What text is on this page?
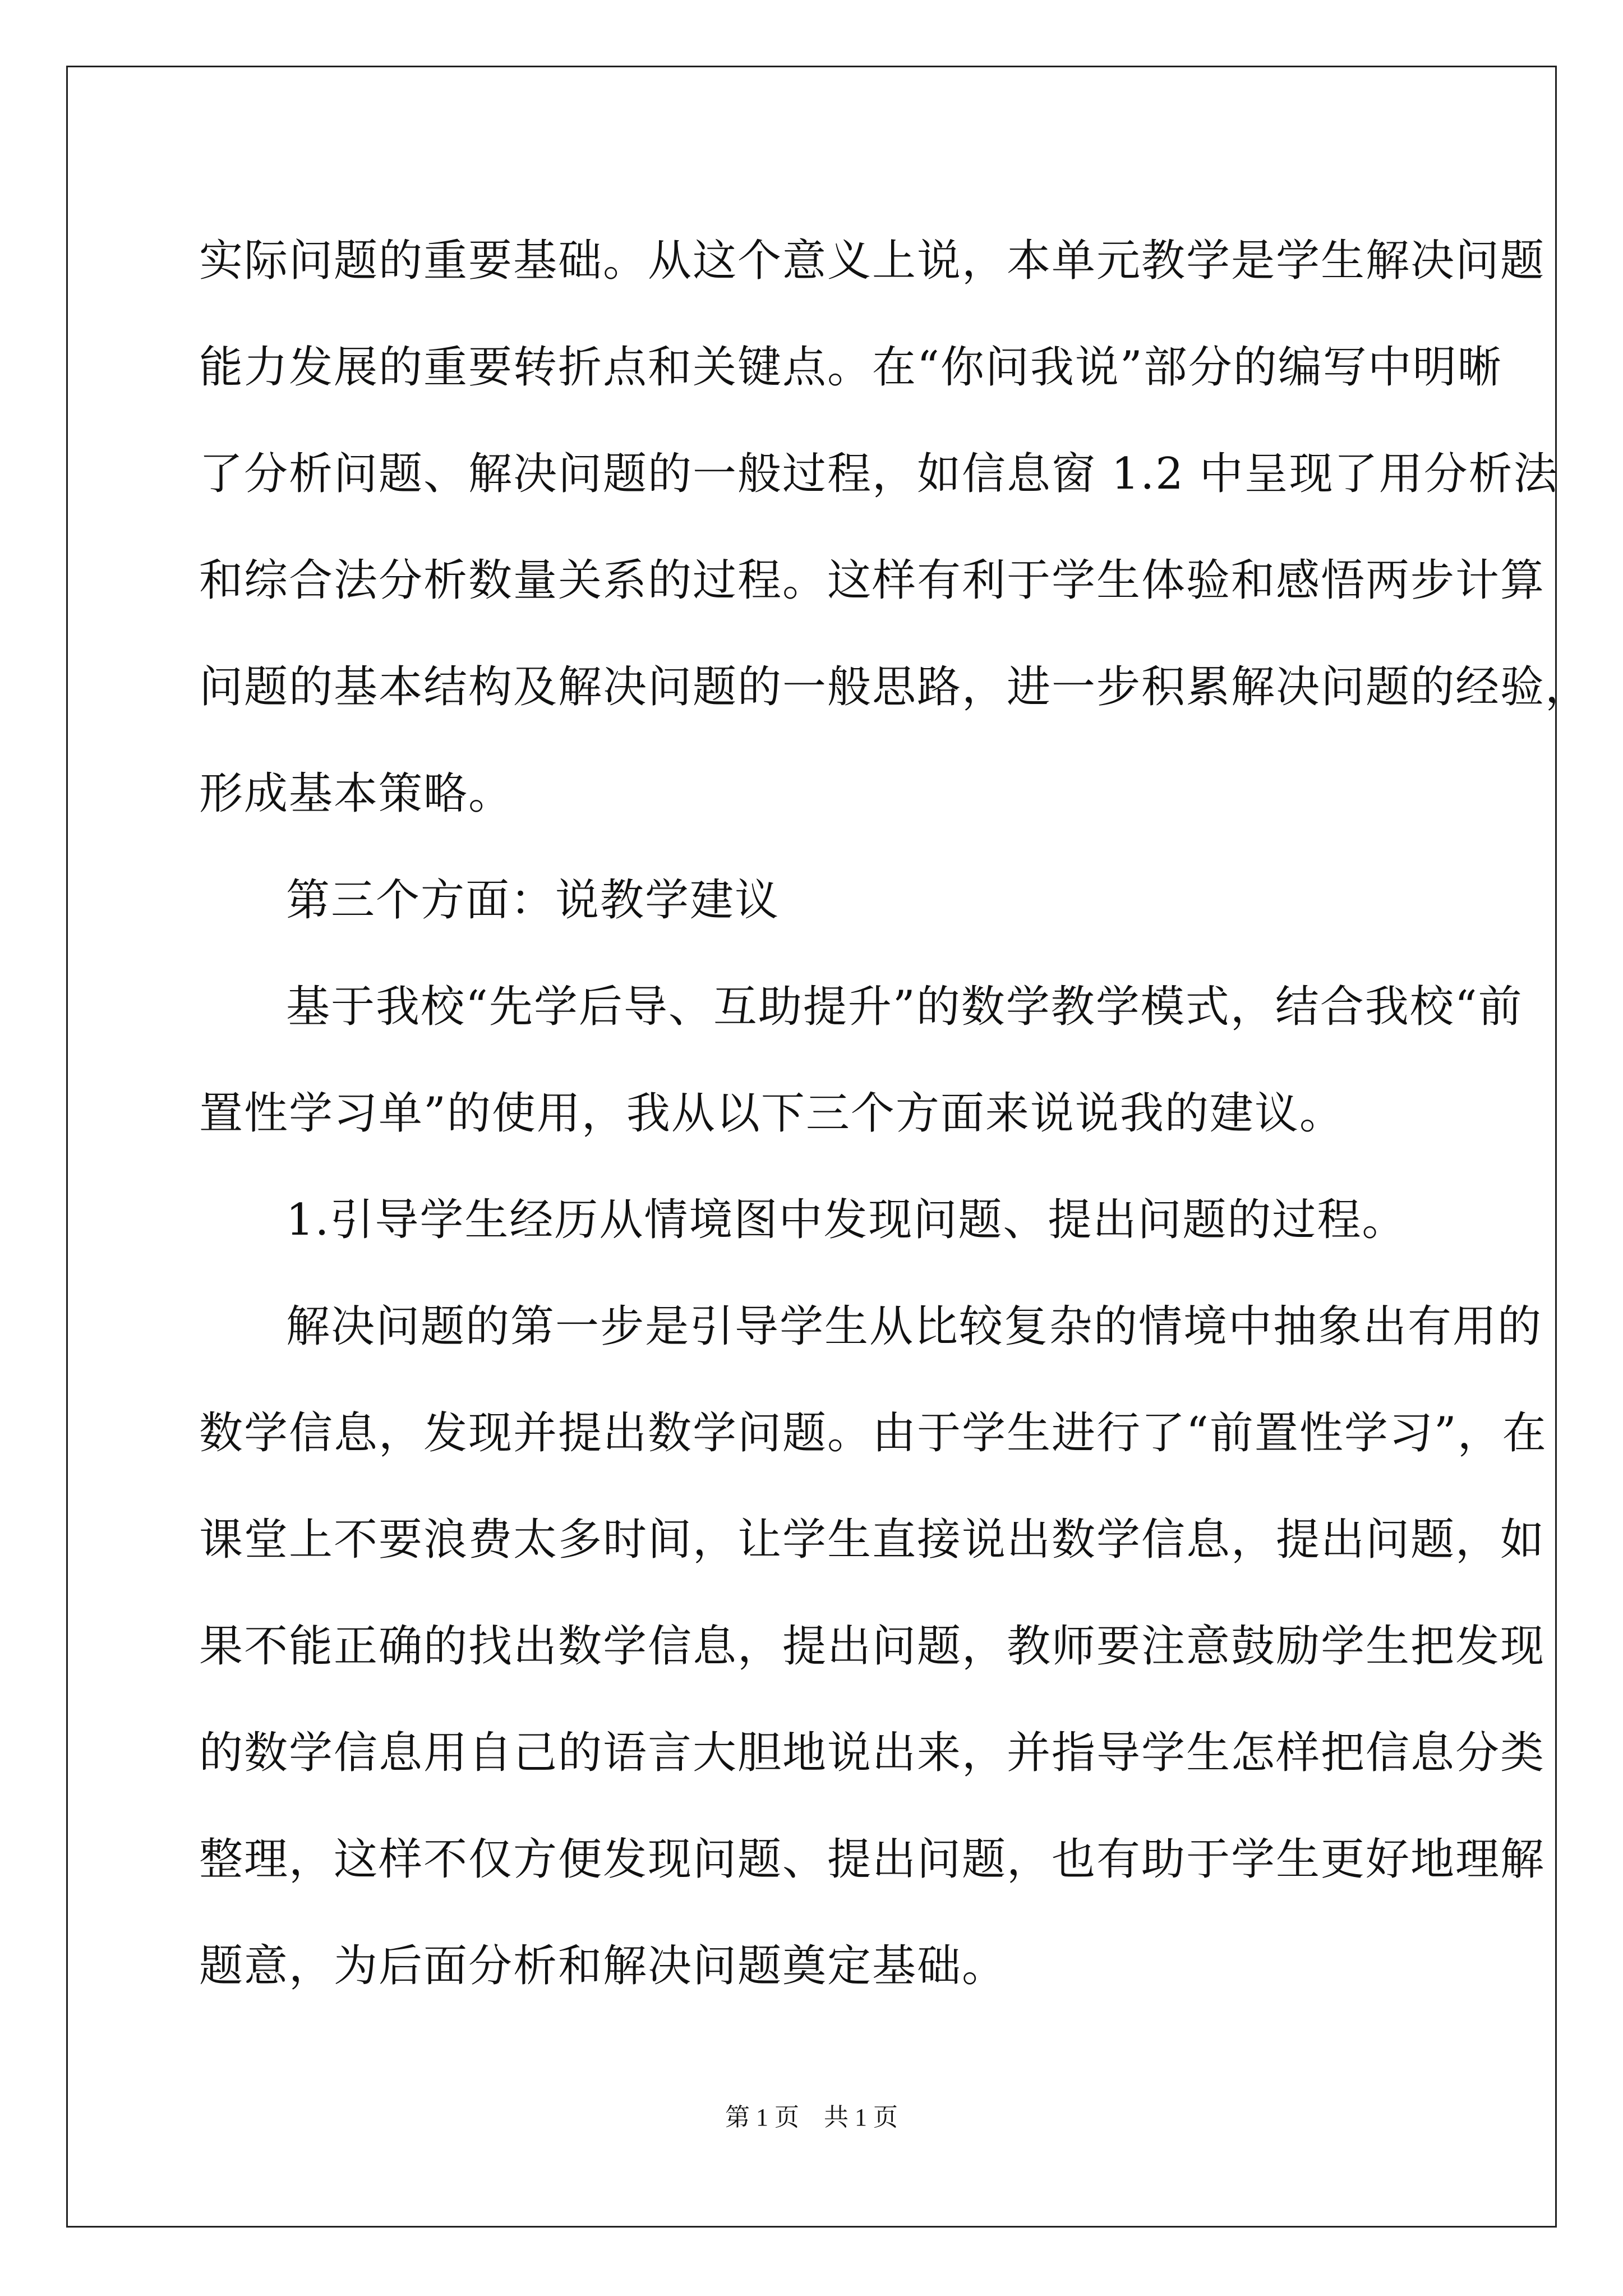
实际问题的重要基础。从这个意义上说，本单元教学是学生解决问题
能力发展的重要转折点和关键点。在“你问我说”部分的编写中明晰
了分析问题、解决问题的一般过程，如信息窗 1.2 中呈现了用分析法
和综合法分析数量关系的过程。这样有利于学生体验和感悟两步计算
问题的基本结构及解决问题的一般思路，进一步积累解决问题的经验，
形成基本策略。
第三个方面：说教学建议
基于我校“先学后导、互助提升”的数学教学模式，结合我校“前
置性学习单”的使用，我从以下三个方面来说说我的建议。
1.引导学生经历从情境图中发现问题、提出问题的过程。
解决问题的第一步是引导学生从比较复杂的情境中抽象出有用的
数学信息，发现并提出数学问题。由于学生进行了“前置性学习”，在
课堂上不要浪费太多时间，让学生直接说出数学信息，提出问题，如
果不能正确的找出数学信息，提出问题，教师要注意鼓励学生把发现
的数学信息用自己的语言大胆地说出来，并指导学生怎样把信息分类
整理，这样不仅方便发现问题、提出问题，也有助于学生更好地理解
题意，为后面分析和解决问题奠定基础。
第 1 页　共 1 页
